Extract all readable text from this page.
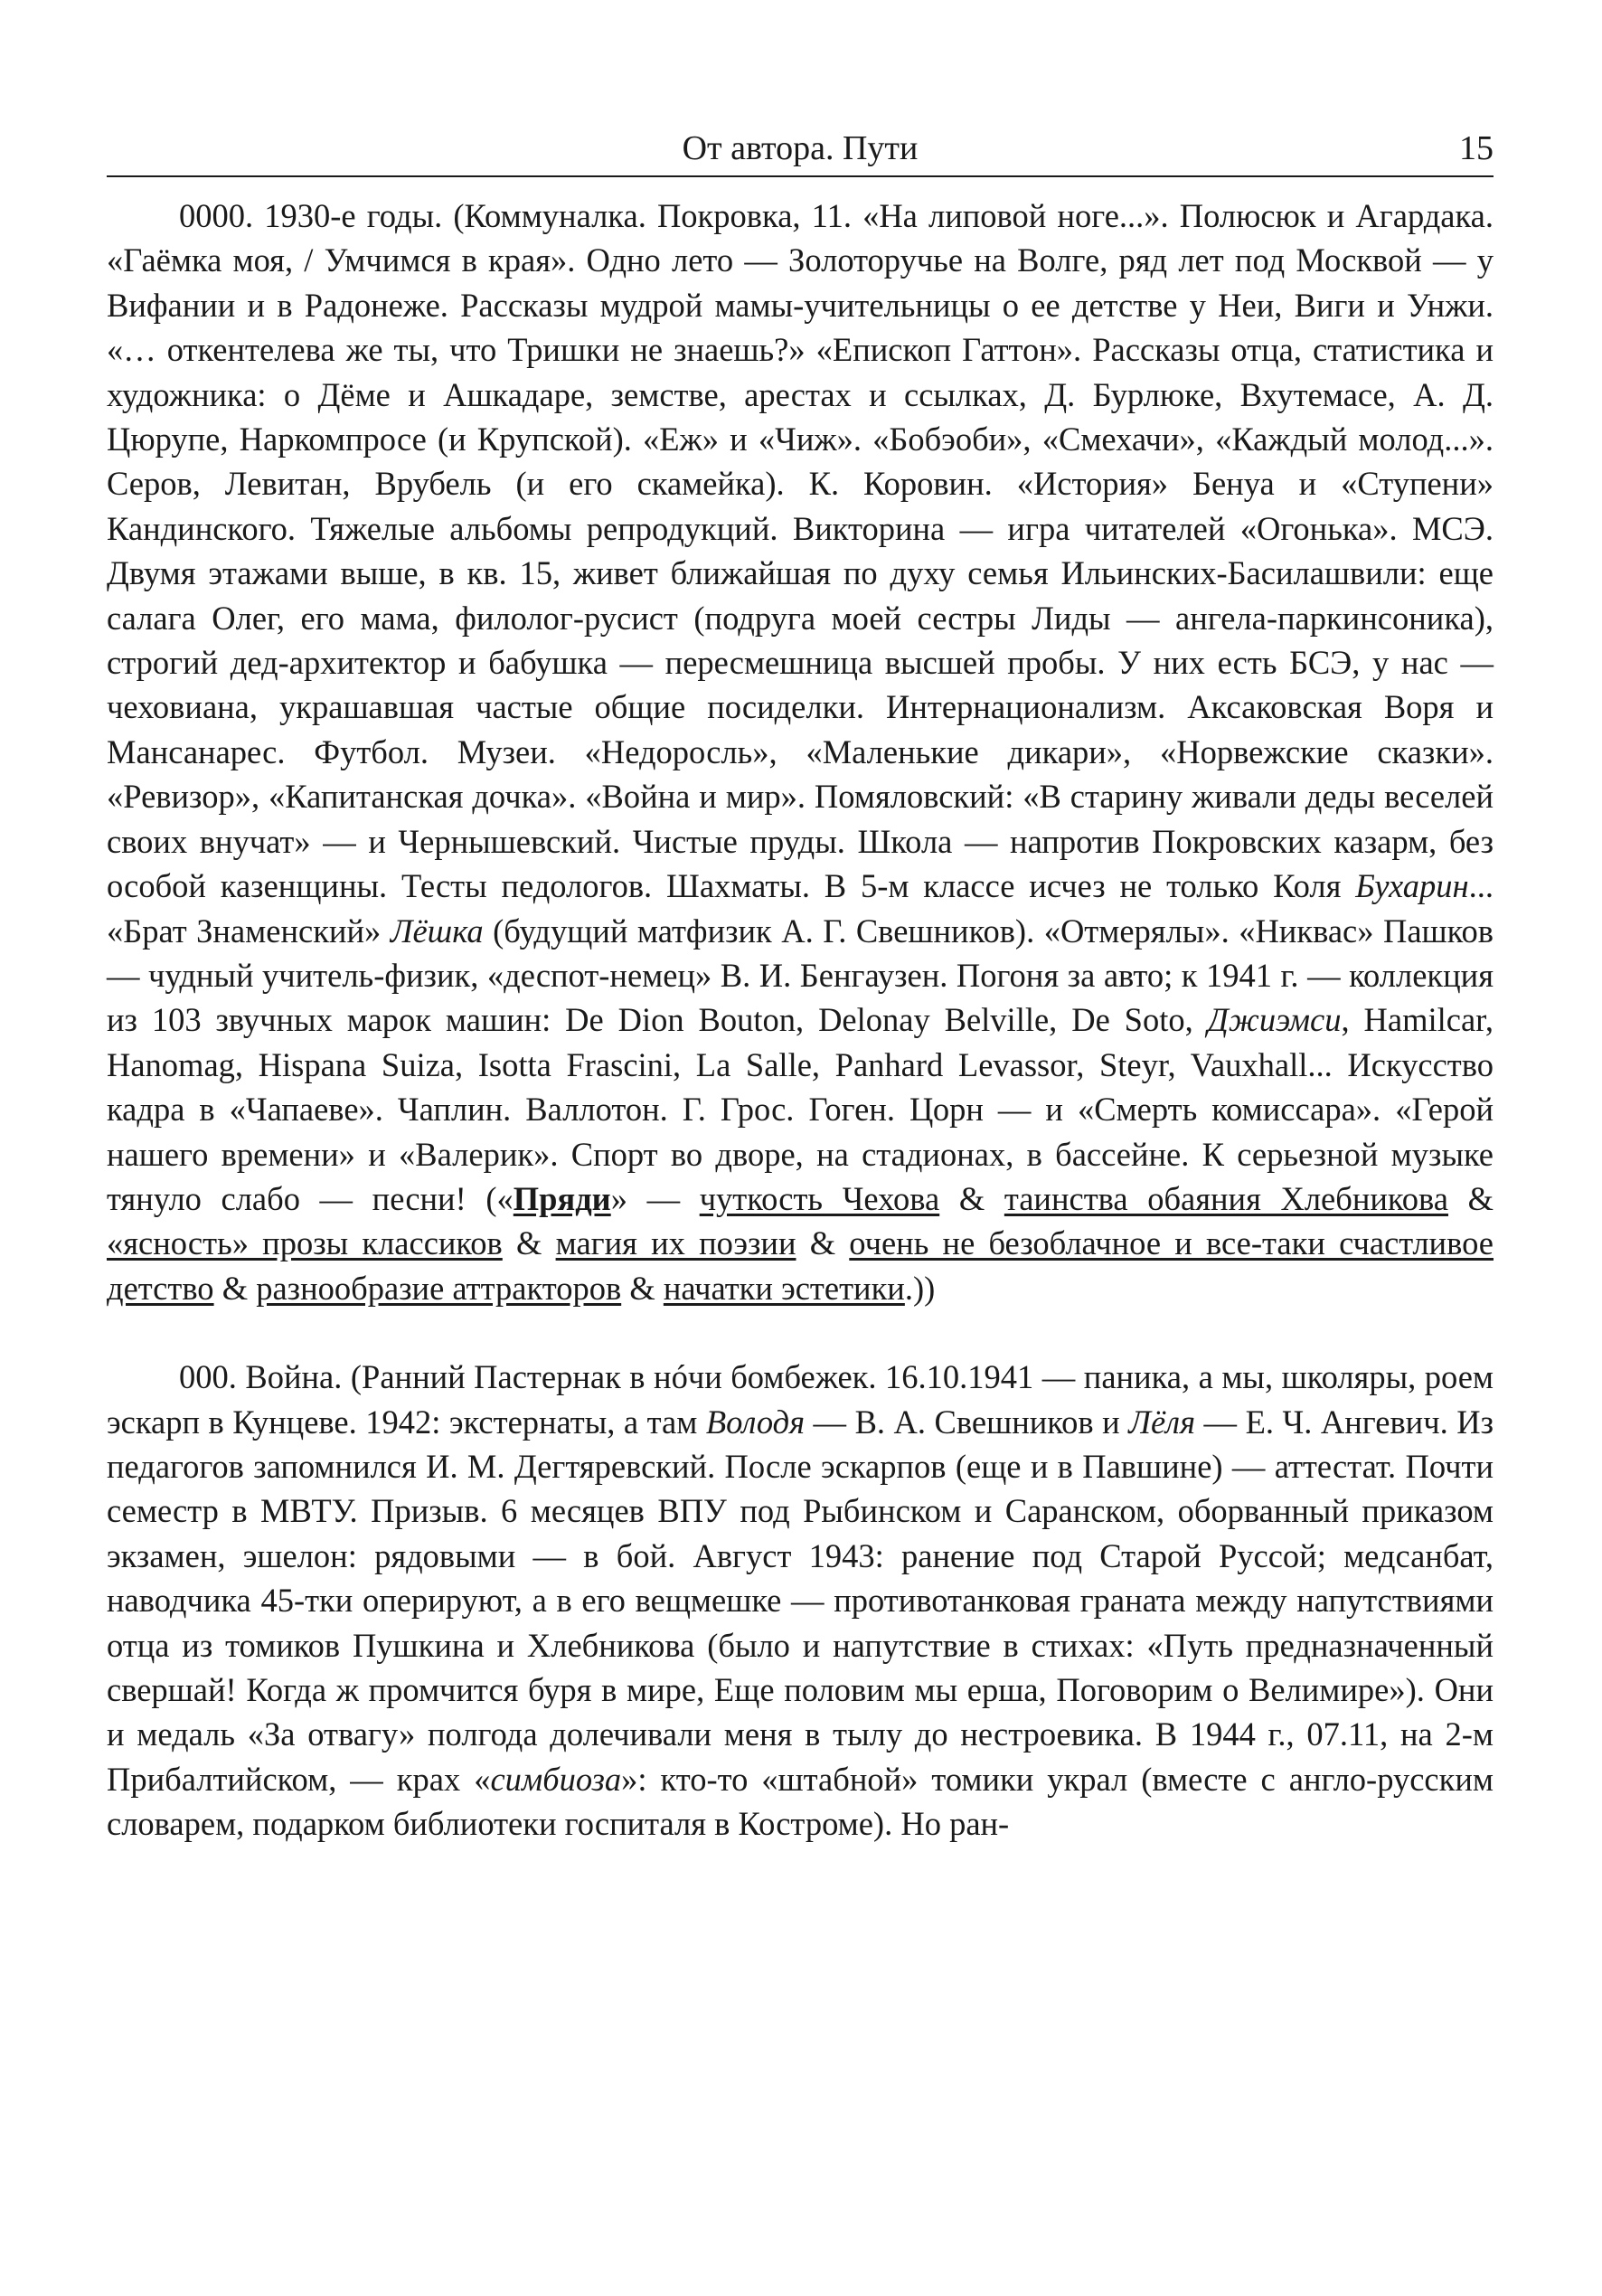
От автора. Пути	15

0000. 1930-е годы. (Коммуналка. Покровка, 11. «На липовой ноге...». Полюсюк и Агардака. «Гаёмка моя, / Умчимся в края». Одно лето — Золоторучье на Волге, ряд лет под Москвой — у Вифании и в Радонеже. Рассказы мудрой мамы-учительницы о ее детстве у Неи, Виги и Унжи. «… откентелева же ты, что Тришки не знаешь?» «Епископ Гаттон». Рассказы отца, статистика и художника: о Дёме и Ашкадаре, земстве, арестах и ссылках, Д. Бурлюке, Вхутемасе, А. Д. Цюрупе, Наркомпросе (и Крупской). «Еж» и «Чиж». «Бобэоби», «Смехачи», «Каждый молод...». Серов, Левитан, Врубель (и его скамейка). К. Коровин. «История» Бенуа и «Ступени» Кандинского. Тяжелые альбомы репродукций. Викторина — игра читателей «Огонька». МСЭ. Двумя этажами выше, в кв. 15, живет ближайшая по духу семья Ильинских-Басилашвили: еще салага Олег, его мама, филолог-русист (подруга моей сестры Лиды — ангела-паркинсоника), строгий дед-архитектор и бабушка — пересмешница высшей пробы. У них есть БСЭ, у нас — чеховиана, украшавшая частые общие посиделки. Интернационализм. Аксаковская Воря и Мансанарес. Футбол. Музеи. «Недоросль», «Маленькие дикари», «Норвежские сказки». «Ревизор», «Капитанская дочка». «Война и мир». Помяловский: «В старину живали деды веселей своих внучат» — и Чернышевский. Чистые пруды. Школа — напротив Покровских казарм, без особой казенщины. Тесты педологов. Шахматы. В 5-м классе исчез не только Коля Бухарин... «Брат Знаменский» Лёшка (будущий матфизик А. Г. Свешников). «Отмерялы». «Никвас» Пашков — чудный учитель-физик, «деспот-немец» В. И. Бенгаузен. Погоня за авто; к 1941 г. — коллекция из 103 звучных марок машин: De Dion Bouton, Delonay Belville, De Soto, Джиэмси, Hamilcar, Hanomag, Hispana Suiza, Isotta Frascini, La Salle, Panhard Levassor, Steyr, Vauxhall... Искусство кадра в «Чапаеве». Чаплин. Валлотон. Г. Грос. Гоген. Цорн — и «Смерть комиссара». «Герой нашего времени» и «Валерик». Спорт во дворе, на стадионах, в бассейне. К серьезной музыке тянуло слабо — песни! («Пряди» — чуткость Чехова & таинства обаяния Хлебникова & «ясность» прозы классиков & магия их поэзии & очень не безоблачное и все-таки счастливое детство & разнообразие аттракторов & начатки эстетики.))

000. Война. (Ранний Пастернак в нóчи бомбежек. 16.10.1941 — паника, а мы, школяры, роем эскарп в Кунцеве. 1942: экстернаты, а там Володя — В. А. Свешников и Лёля — Е. Ч. Ангевич. Из педагогов запомнился И. М. Дегтяревский. После эскарпов (еще и в Павшине) — аттестат. Почти семестр в МВТУ. Призыв. 6 месяцев ВПУ под Рыбинском и Саранском, оборванный приказом экзамен, эшелон: рядовыми — в бой. Август 1943: ранение под Старой Руссой; медсанбат, наводчика 45-тки оперируют, а в его вещмешке — противотанковая граната между напутствиями отца из томиков Пушкина и Хлебникова (было и напутствие в стихах: «Путь предназначенный свершай! Когда ж промчится буря в мире, Еще половим мы ерша, Поговорим о Велимире»). Они и медаль «За отвагу» полгода долечивали меня в тылу до нестроевика. В 1944 г., 07.11, на 2-м Прибалтийском, — крах «симбиоза»: кто-то «штабной» томики украл (вместе с англо-русским словарем, подарком библиотеки госпиталя в Костроме). Но ран-
